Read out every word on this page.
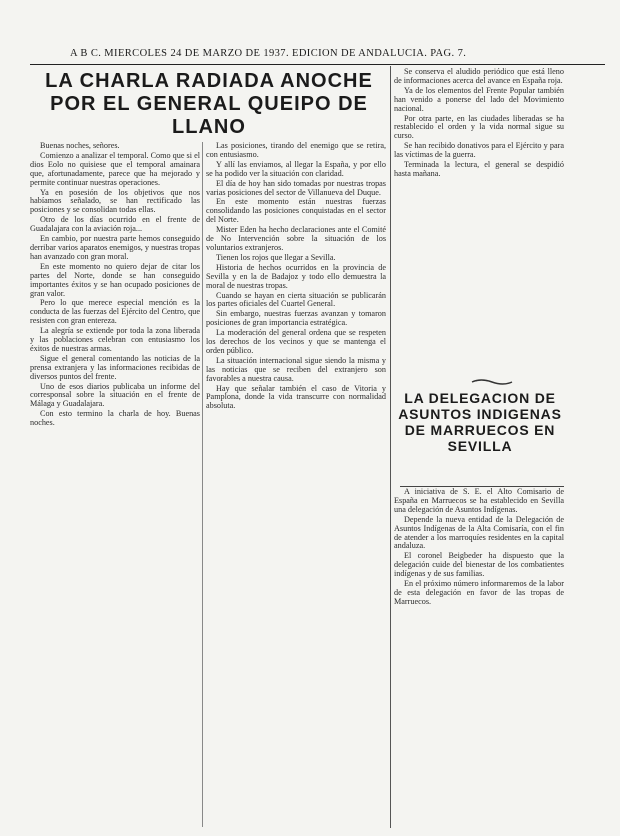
A B C. MIERCOLES 24 DE MARZO DE 1937. EDICION DE ANDALUCIA. PAG. 7.
LA CHARLA RADIADA ANOCHE
POR EL GENERAL QUEIPO DE
LLANO

Buenas noches, señores.

Comienzo a analizar el temporal. Como que si el dios Eolo no quisiese que el temporal amainara que, afortunadamente, parece que ha mejorado y permite continuar nuestras operaciones.

Ya en posesión de los objetivos que nos habíamos señalado, se han rectificado las posiciones y se consolidan todas ellas.

Otro de los días ocurrido en el frente de Guadalajara con la aviación roja...

En cambio, por nuestra parte hemos conseguido derribar varios aparatos enemigos, y nuestras tropas han avanzado con gran moral.

En este momento no quiero dejar de citar los partes del Norte, donde se han conseguido importantes éxitos y se han ocupado posiciones de gran valor.

Pero lo que merece especial mención es la conducta de las fuerzas del Ejército del Centro, que resisten con gran entereza.

La alegría se extiende por toda la zona liberada y las poblaciones celebran con entusiasmo los éxitos de nuestras armas.

Sigue el general comentando las noticias de la prensa extranjera y las informaciones recibidas de diversos puntos del frente.

Uno de esos diarios publicaba un informe del corresponsal sobre la situación en el frente de Málaga y Guadalajara.

Con esto termino la charla de hoy. Buenas noches.

Las posiciones, tirando del enemigo que se retira, con entusiasmo.

Y allí las enviamos, al llegar la España, y por ello se ha podido ver la situación con claridad.

El día de hoy han sido tomadas por nuestras tropas varias posiciones del sector de Villanueva del Duque.

En este momento están nuestras fuerzas consolidando las posiciones conquistadas en el sector del Norte.

Mister Eden ha hecho declaraciones ante el Comité de No Intervención sobre la situación de los voluntarios extranjeros.

Tienen los rojos que llegar a Sevilla.

Historia de hechos ocurridos en la provincia de Sevilla y en la de Badajoz y todo ello demuestra la moral de nuestras tropas.

Cuando se hayan en cierta situación se publicarán los partes oficiales del Cuartel General.

Sin embargo, nuestras fuerzas avanzan y tomaron posiciones de gran importancia estratégica.

La moderación del general ordena que se respeten los derechos de los vecinos y que se mantenga el orden público.

La situación internacional sigue siendo la misma y las noticias que se reciben del extranjero son favorables a nuestra causa.

Hay que señalar también el caso de Vitoria y Pamplona, donde la vida transcurre con normalidad absoluta.

Se conserva el aludido periódico que está lleno de informaciones acerca del avance en España roja.

Ya de los elementos del Frente Popular también han venido a ponerse del lado del Movimiento nacional.

Por otra parte, en las ciudades liberadas se ha restablecido el orden y la vida normal sigue su curso.

Se han recibido donativos para el Ejército y para las víctimas de la guerra.

Terminada la lectura, el general se despidió hasta mañana.

LA DELEGACION DE
ASUNTOS INDIGENAS
DE MARRUECOS EN
SEVILLA

A iniciativa de S. E. el Alto Comisario de España en Marruecos se ha establecido en Sevilla una delegación de Asuntos Indígenas.

Depende la nueva entidad de la Delegación de Asuntos Indígenas de la Alta Comisaría, con el fin de atender a los marroquíes residentes en la capital andaluza.

El coronel Beigbeder ha dispuesto que la delegación cuide del bienestar de los combatientes indígenas y de sus familias.

En el próximo número informaremos de la labor de esta delegación en favor de las tropas de Marruecos.
